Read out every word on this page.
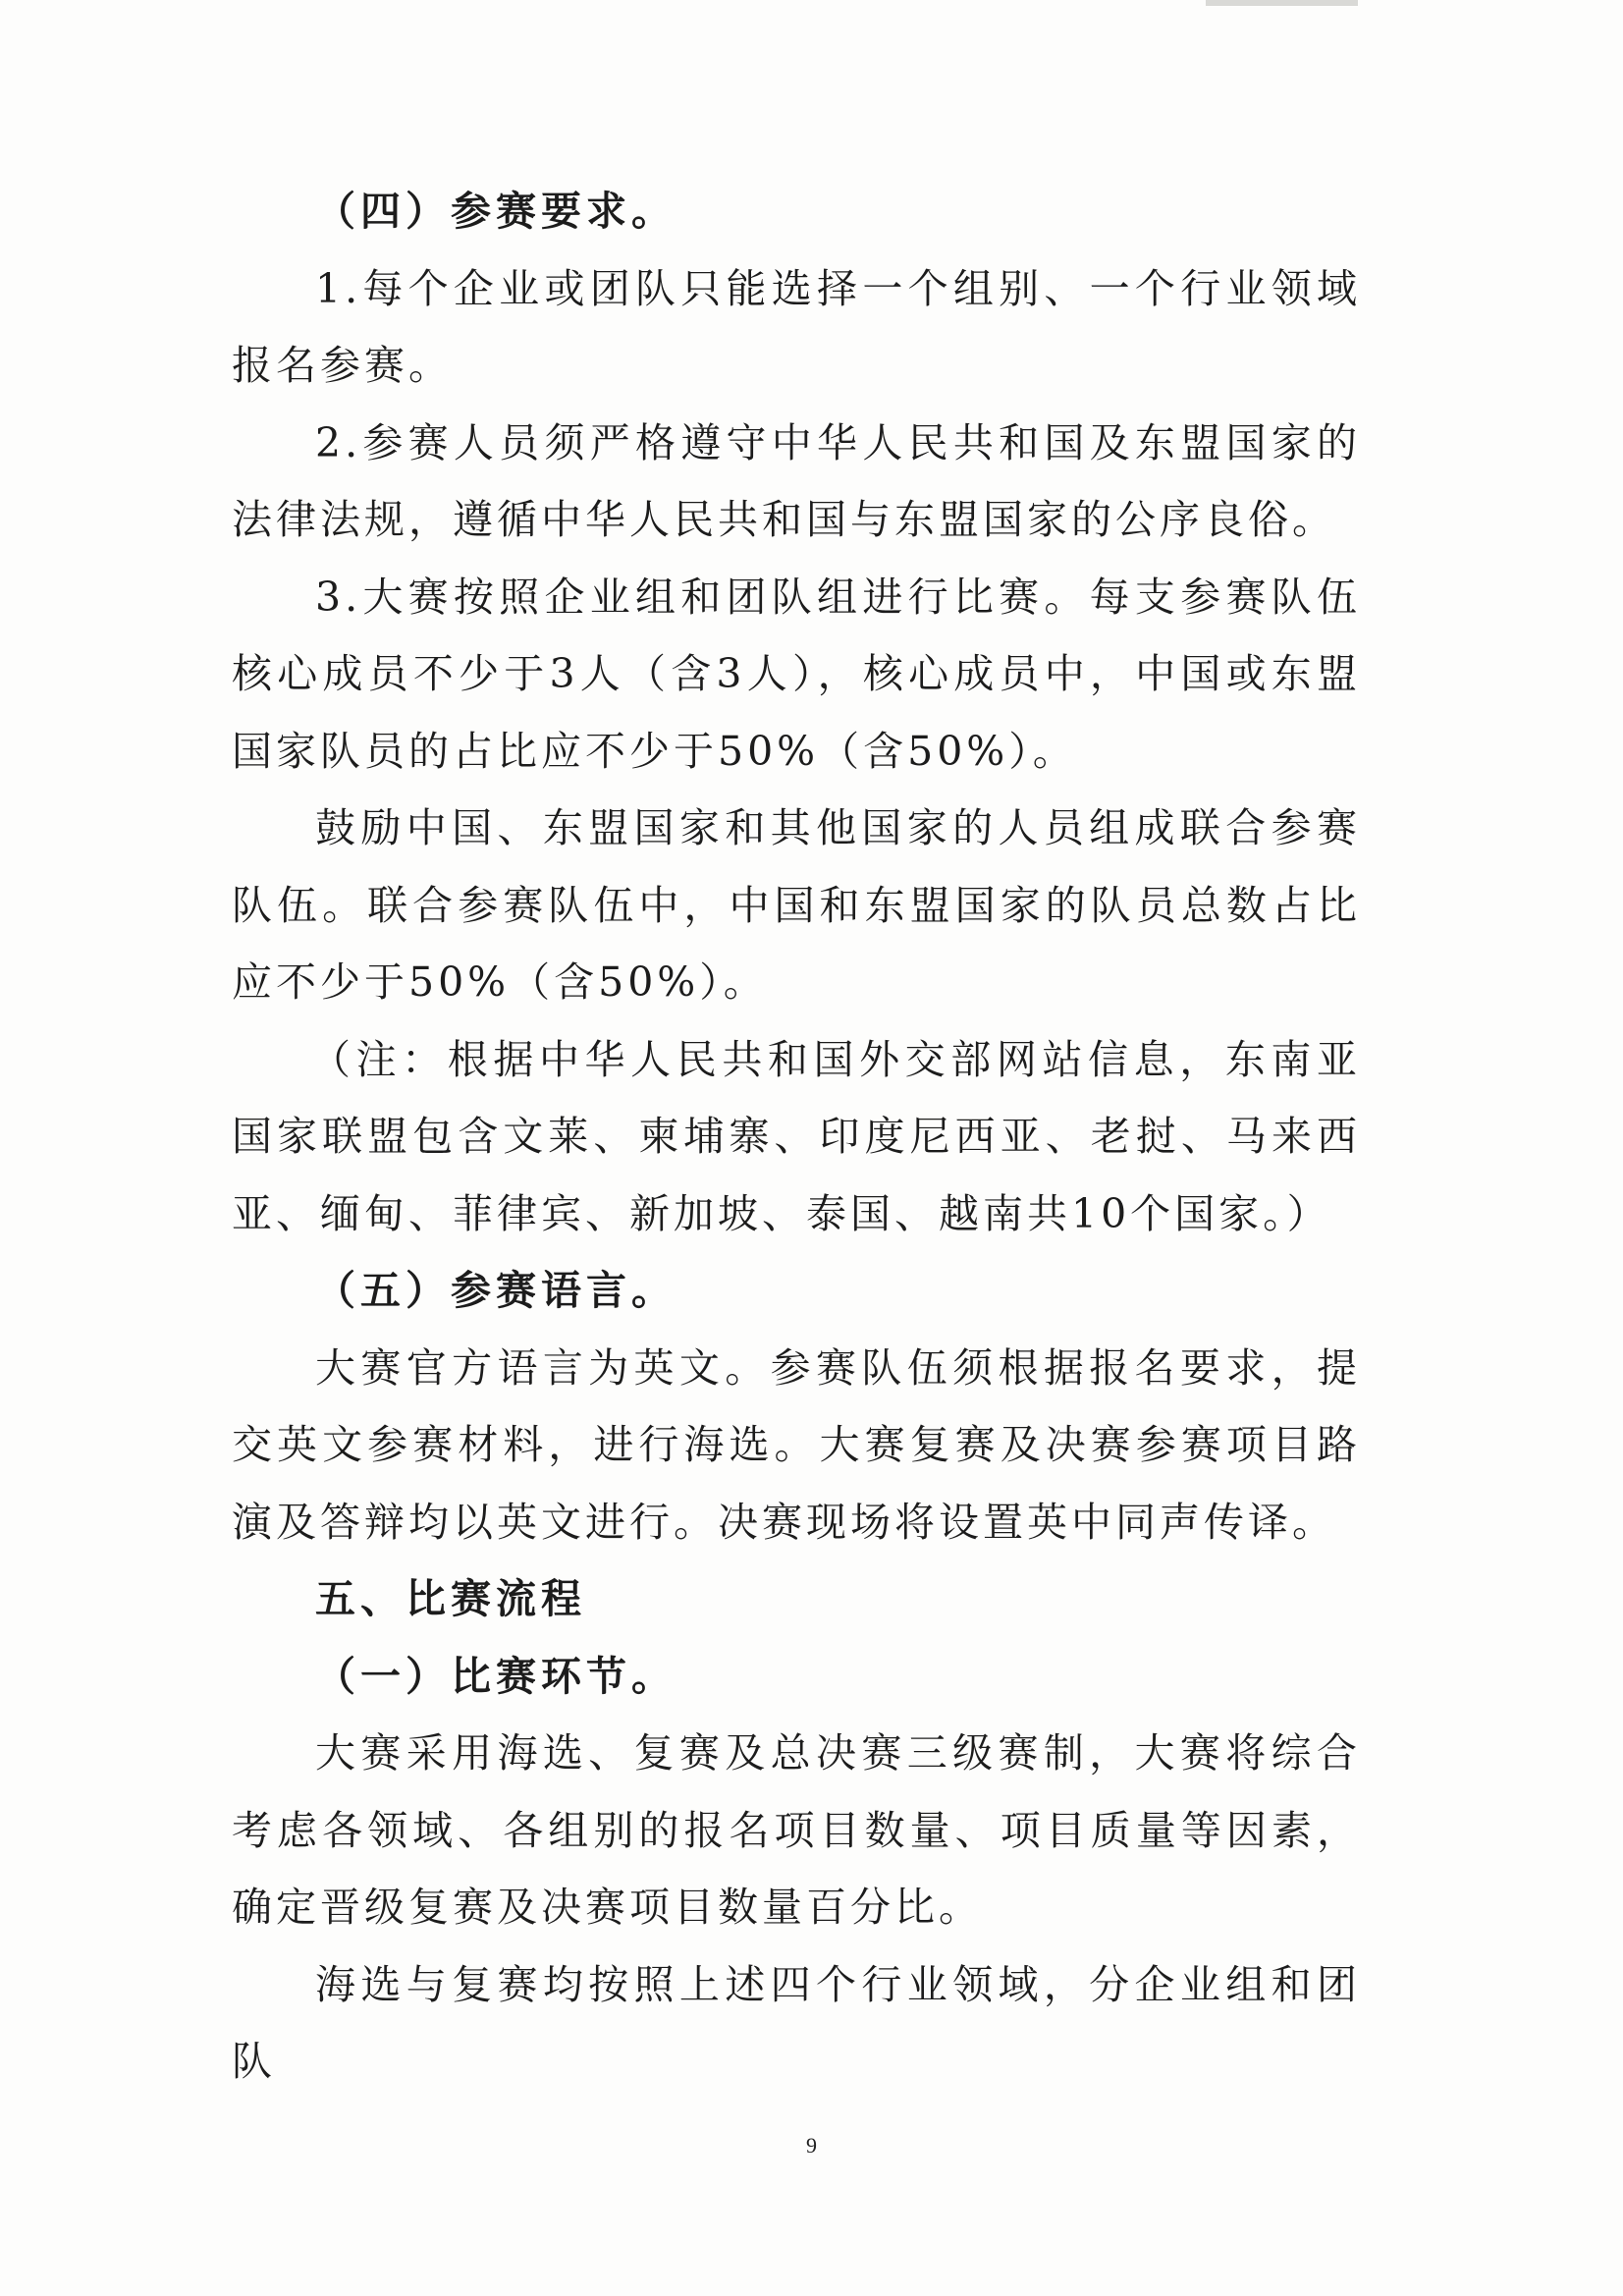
（四）参赛要求。

1.每个企业或团队只能选择一个组别、一个行业领域报名参赛。

2.参赛人员须严格遵守中华人民共和国及东盟国家的法律法规，遵循中华人民共和国与东盟国家的公序良俗。

3.大赛按照企业组和团队组进行比赛。每支参赛队伍核心成员不少于3人（含3人），核心成员中，中国或东盟国家队员的占比应不少于50%（含50%）。

鼓励中国、东盟国家和其他国家的人员组成联合参赛队伍。联合参赛队伍中，中国和东盟国家的队员总数占比应不少于50%（含50%）。

（注：根据中华人民共和国外交部网站信息，东南亚国家联盟包含文莱、柬埔寨、印度尼西亚、老挝、马来西亚、缅甸、菲律宾、新加坡、泰国、越南共10个国家。）

（五）参赛语言。

大赛官方语言为英文。参赛队伍须根据报名要求，提交英文参赛材料，进行海选。大赛复赛及决赛参赛项目路演及答辩均以英文进行。决赛现场将设置英中同声传译。

五、比赛流程

（一）比赛环节。

大赛采用海选、复赛及总决赛三级赛制，大赛将综合考虑各领域、各组别的报名项目数量、项目质量等因素，确定晋级复赛及决赛项目数量百分比。

海选与复赛均按照上述四个行业领域，分企业组和团队

9
